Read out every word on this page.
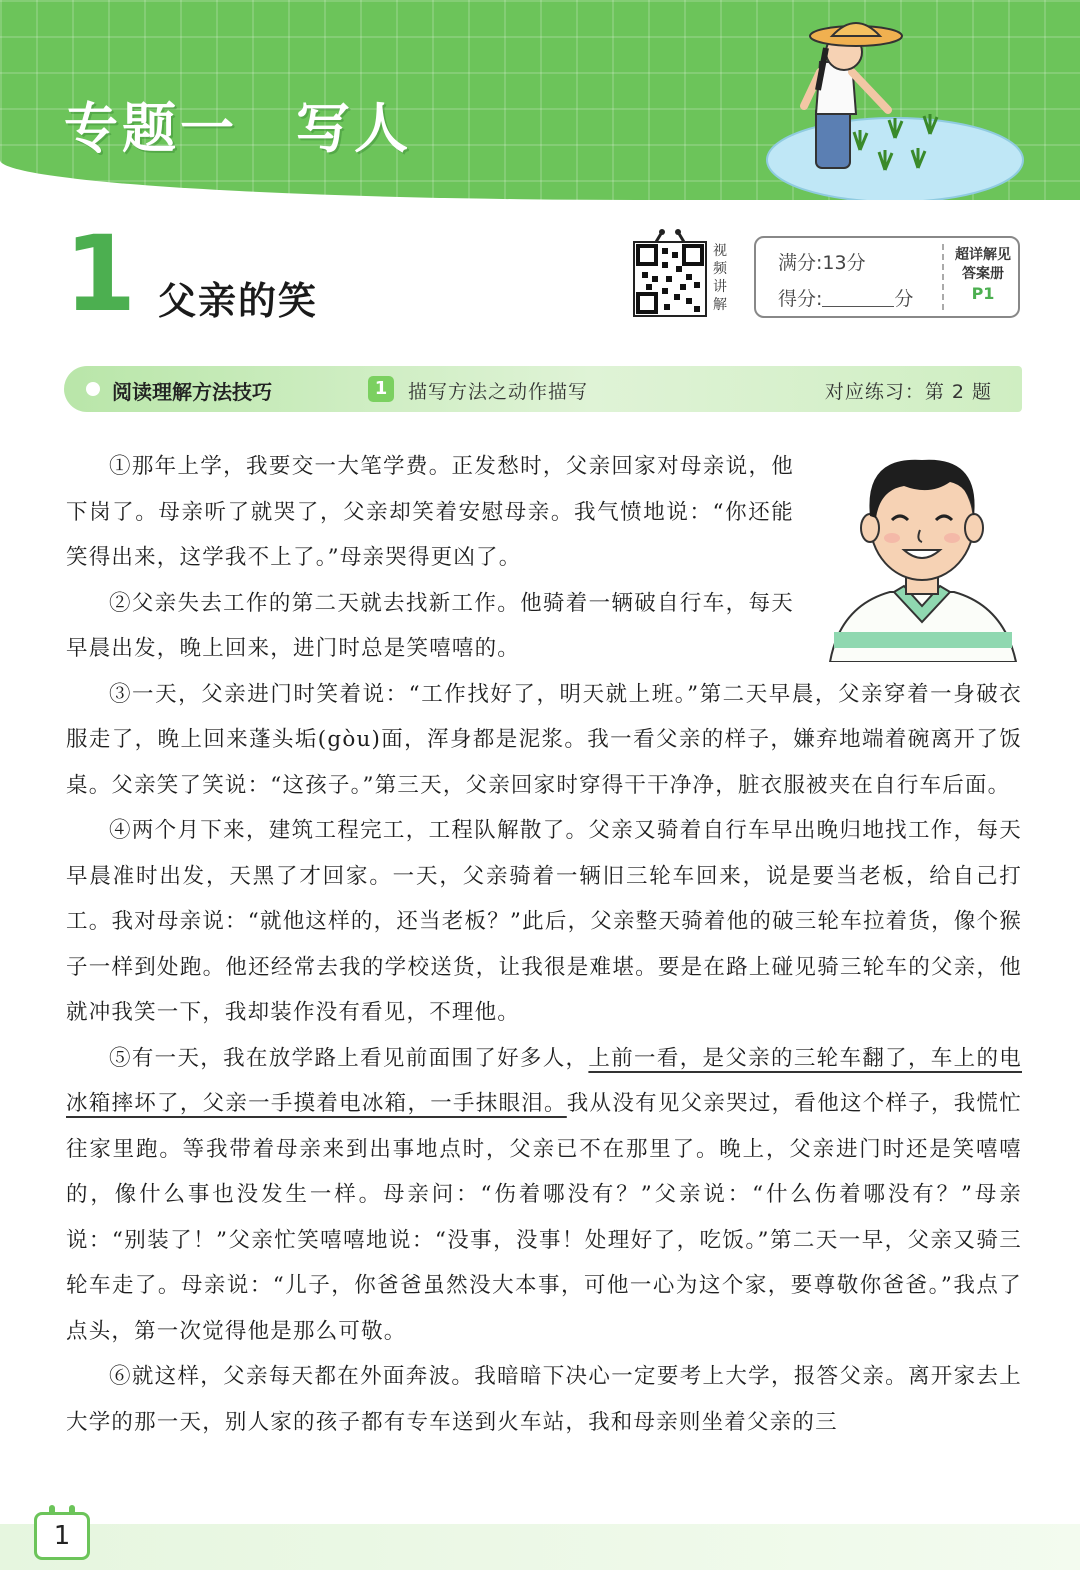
专题一　写人
1 父亲的笑
视
频
讲
解
满分:13分
得分:	分
超详解见
答案册
P1
阅读理解方法技巧	1	描写方法之动作描写	对应练习：第 2 题

①那年上学，我要交一大笔学费。正发愁时，父亲回家对母亲说，他下岗了。母亲听了就哭了，父亲却笑着安慰母亲。我气愤地说：“你还能笑得出来，这学我不上了。”母亲哭得更凶了。

②父亲失去工作的第二天就去找新工作。他骑着一辆破自行车，每天早晨出发，晚上回来，进门时总是笑嘻嘻的。

③一天，父亲进门时笑着说：“工作找好了，明天就上班。”第二天早晨，父亲穿着一身破衣服走了，晚上回来蓬头垢(gòu)面，浑身都是泥浆。我一看父亲的样子，嫌弃地端着碗离开了饭桌。父亲笑了笑说：“这孩子。”第三天，父亲回家时穿得干干净净，脏衣服被夹在自行车后面。

④两个月下来，建筑工程完工，工程队解散了。父亲又骑着自行车早出晚归地找工作，每天早晨准时出发，天黑了才回家。一天，父亲骑着一辆旧三轮车回来，说是要当老板，给自己打工。我对母亲说：“就他这样的，还当老板？”此后，父亲整天骑着他的破三轮车拉着货，像个猴子一样到处跑。他还经常去我的学校送货，让我很是难堪。要是在路上碰见骑三轮车的父亲，他就冲我笑一下，我却装作没有看见，不理他。

⑤有一天，我在放学路上看见前面围了好多人，上前一看，是父亲的三轮车翻了，车上的电冰箱摔坏了，父亲一手摸着电冰箱，一手抹眼泪。我从没有见父亲哭过，看他这个样子，我慌忙往家里跑。等我带着母亲来到出事地点时，父亲已不在那里了。晚上，父亲进门时还是笑嘻嘻的，像什么事也没发生一样。母亲问：“伤着哪没有？”父亲说：“什么伤着哪没有？”母亲说：“别装了！”父亲忙笑嘻嘻地说：“没事，没事！处理好了，吃饭。”第二天一早，父亲又骑三轮车走了。母亲说：“儿子，你爸爸虽然没大本事，可他一心为这个家，要尊敬你爸爸。”我点了点头，第一次觉得他是那么可敬。

⑥就这样，父亲每天都在外面奔波。我暗暗下决心一定要考上大学，报答父亲。离开家去上大学的那一天，别人家的孩子都有专车送到火车站，我和母亲则坐着父亲的三

1
